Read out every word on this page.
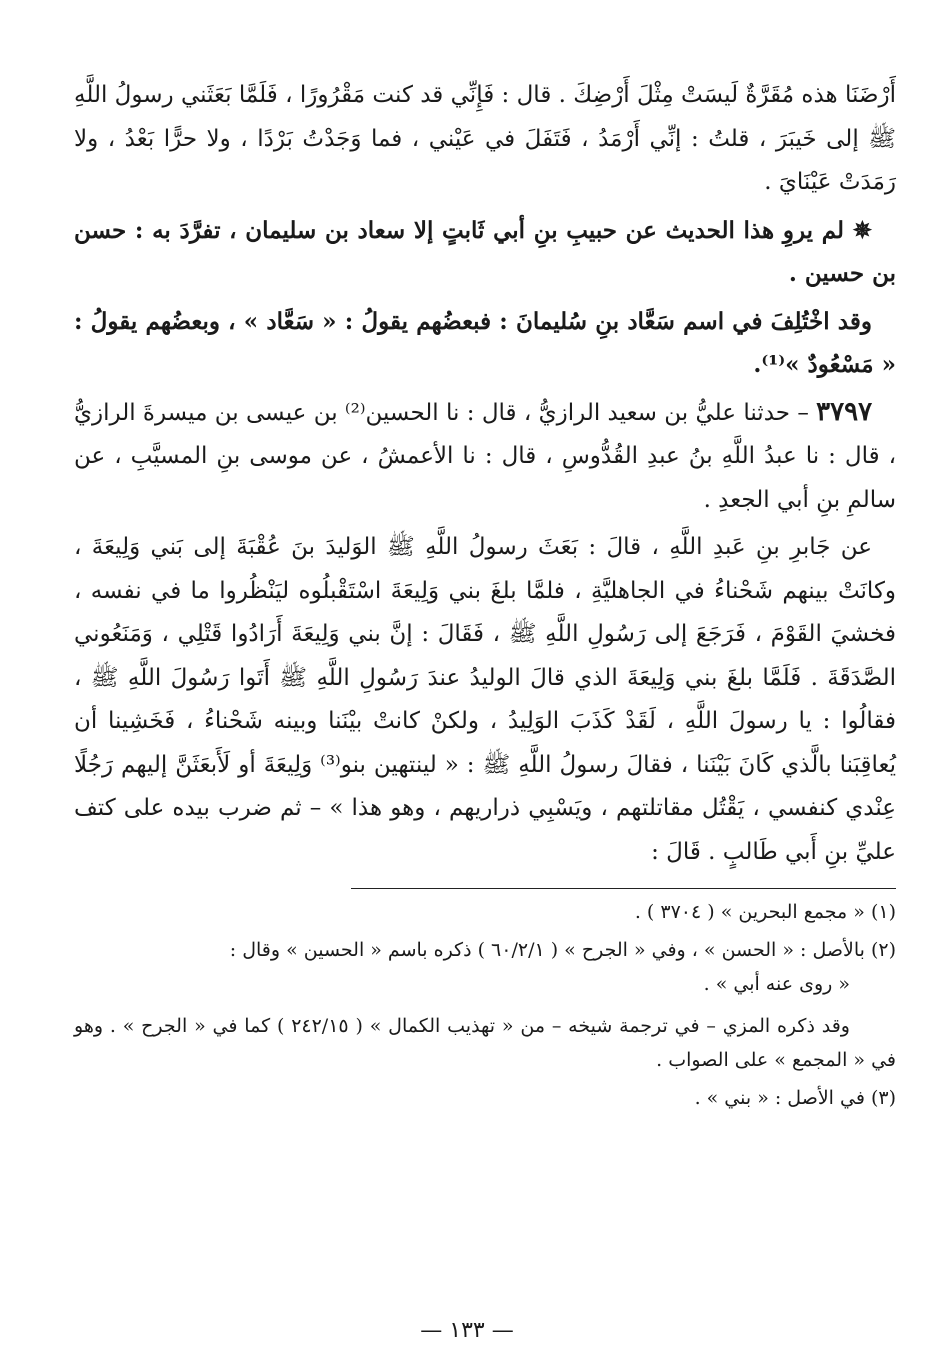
أَرْضَنَا هذه مُقَرَّةٌ لَيسَتْ مِثْلَ أَرْضِكَ . قال : فَإِنِّي قد كنت مَقْرُورًا ، فَلَمَّا بَعَثَني رسولُ اللَّهِ ﷺ إلى خَيبَرَ ، قلتُ : إنِّي أَرْمَدُ ، فَتَفَلَ في عَيْني ، فما وَجَدْتُ بَرْدًا ، ولا حرًّا بَعْدُ ، ولا رَمَدَتْ عَيْنَايَ .

✵ لم يروِ هذا الحديث عن حبيبِ بنِ أبي ثَابتٍ إلا سعاد بن سليمان ، تفرَّدَ به : حسن بن حسين .

وقد اخْتُلِفَ في اسم سَعَّاد بنِ سُليمانَ : فبعضُهم يقولُ : « سَعَّاد » ، وبعضُهم يقولُ : « مَسْعُودٌ »⁽¹⁾.

٣٧٩٧ – حدثنا عليُّ بن سعيد الرازيُّ ، قال : نا الحسين⁽²⁾ بن عيسى بن ميسرةَ الرازيُّ ، قال : نا عبدُ اللَّهِ بنُ عبدِ القُدُّوسِ ، قال : نا الأعمشُ ، عن موسى بنِ المسيَّبِ ، عن سالمِ بنِ أبي الجعدِ .

عن جَابرِ بنِ عَبدِ اللَّهِ ، قالَ : بَعَثَ رسولُ اللَّهِ ﷺ الوَليدَ بنَ عُقْبَةَ إلى بَني وَلِيعَةَ ، وكانَتْ بينهم شَحْناءُ في الجاهليَّةِ ، فلمَّا بلغَ بني وَلِيعَةَ اسْتَقْبلُوه ليَنْظُروا ما في نفسه ، فخشيَ القَوْمَ ، فَرَجَعَ إلى رَسُولِ اللَّهِ ﷺ ، فَقَالَ : إنَّ بني وَلِيعَةَ أَرَادُوا قَتْلِي ، وَمَنَعُوني الصَّدَقَةَ . فَلَمَّا بلغَ بني وَلِيعَةَ الذي قالَ الوليدُ عندَ رَسُولِ اللَّهِ ﷺ أَتَوا رَسُولَ اللَّهِ ﷺ ، فقالُوا : يا رسولَ اللَّهِ ، لَقَدْ كَذَبَ الوَلِيدُ ، ولكنْ كانتْ بيْنَنا وبينه شَحْناءُ ، فَخَشِينا أن يُعاقِبَنا بالَّذي كَانَ بَيْنَنا ، فقالَ رسولُ اللَّهِ ﷺ : « لينتهين بنو⁽³⁾ وَلِيعَةَ أو لَأَبعَثَنَّ إليهم رَجُلًا عِنْدي كنفسي ، يَقْتُل مقاتلتهم ، ويَسْبِي ذراريهم ، وهو هذا » – ثم ضرب بيده على كتف عليِّ بنِ أَبي طَالبٍ . قَالَ :

(١) « مجمع البحرين » ( ٣٧٠٤ ) .

(٢) بالأصل : « الحسن » ، وفي « الجرح » ( ٦٠/٢/١ ) ذكره باسم « الحسين » وقال :

« روى عنه أبي » .

وقد ذكره المزي – في ترجمة شيخه – من « تهذيب الكمال » ( ٢٤٢/١٥ ) كما في « الجرح » . وهو في « المجمع » على الصواب .

(٣) في الأصل : « بني » .

— ١٣٣ —
